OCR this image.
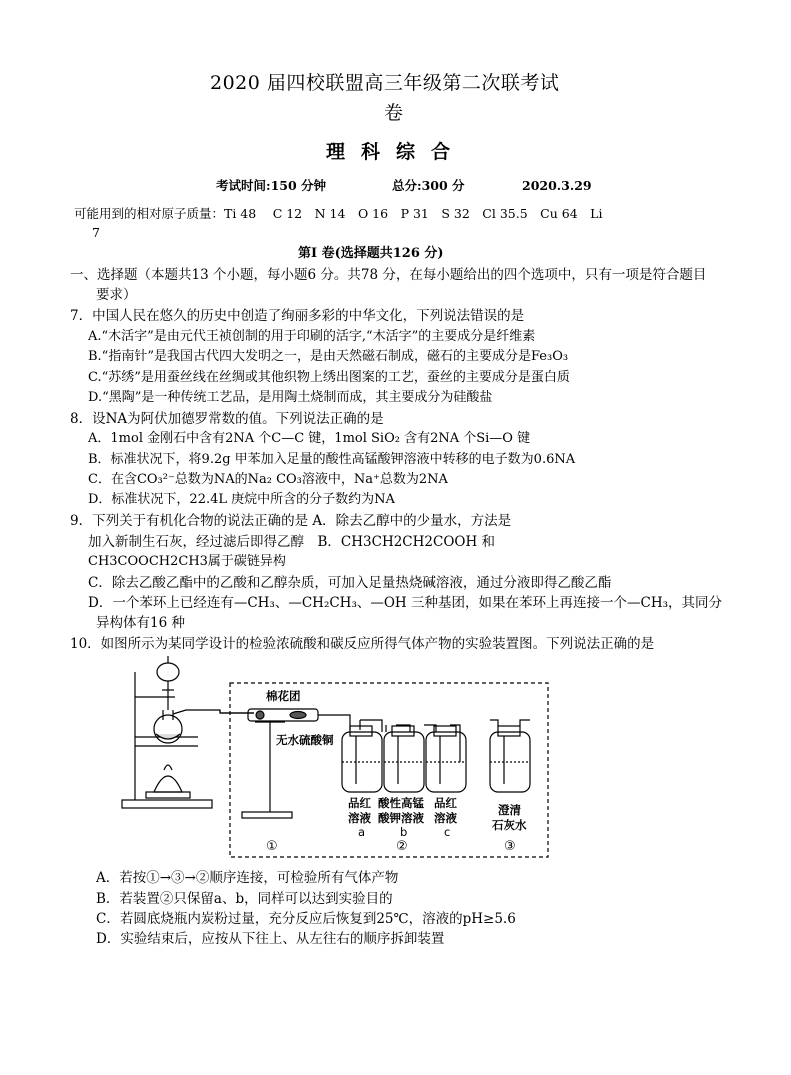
2020 届四校联盟高三年级第二次联考试
卷
理科综合
考试时间:150 分钟	总分:300 分	2020.3.29
可能用到的相对原子质量：Ti 48　 C 12　N 14　O 16　P 31　S 32　Cl 35.5　Cu 64　Li
7
第Ⅰ 卷(选择题共126 分)
一、选择题（本题共13 个小题，每小题6 分。共78 分，在每小题给出的四个选项中，只有一项是符合题目
要求）
7．中国人民在悠久的历史中创造了绚丽多彩的中华文化，下列说法错误的是
A.“木活字”是由元代王祯创制的用于印刷的活字,“木活字”的主要成分是纤维素
B.“指南针”是我国古代四大发明之一，是由天然磁石制成，磁石的主要成分是Fe₃O₃
C.“苏绣”是用蚕丝线在丝绸或其他织物上绣出图案的工艺，蚕丝的主要成分是蛋白质
D.“黑陶”是一种传统工艺品，是用陶土烧制而成，其主要成分为硅酸盐
8．设NA为阿伏加德罗常数的值。下列说法正确的是
A．1mol 金刚石中含有2NA 个C—C 键，1mol SiO₂ 含有2NA 个Si—O 键
B．标准状况下，将9.2g 甲苯加入足量的酸性高锰酸钾溶液中转移的电子数为0.6NA
C．在含CO₃²⁻总数为NA的Na₂ CO₃溶液中，Na⁺总数为2NA
D．标准状况下，22.4L 庚烷中所含的分子数约为NA
9．下列关于有机化合物的说法正确的是 A．除去乙醇中的少量水，方法是
加入新制生石灰，经过滤后即得乙醇　B．CH3CH2CH2COOH 和
CH3COOCH2CH3属于碳链异构
C．除去乙酸乙酯中的乙酸和乙醇杂质，可加入足量热烧碱溶液，通过分液即得乙酸乙酯
D．一个苯环上已经连有—CH₃、—CH₂CH₃、—OH 三种基团，如果在苯环上再连接一个—CH₃，其同分
异构体有16 种
10．如图所示为某同学设计的检验浓硫酸和碳反应所得气体产物的实验装置图。下列说法正确的是
棉花团
无水硫酸铜
品红
溶液
a
酸性高锰
酸钾溶液
b
品红
溶液
c
澄清
石灰水
①	②	③
A．若按①→③→②顺序连接，可检验所有气体产物
B．若装置②只保留a、b，同样可以达到实验目的
C．若圆底烧瓶内炭粉过量，充分反应后恢复到25℃，溶液的pH≥5.6
D．实验结束后，应按从下往上、从左往右的顺序拆卸装置
